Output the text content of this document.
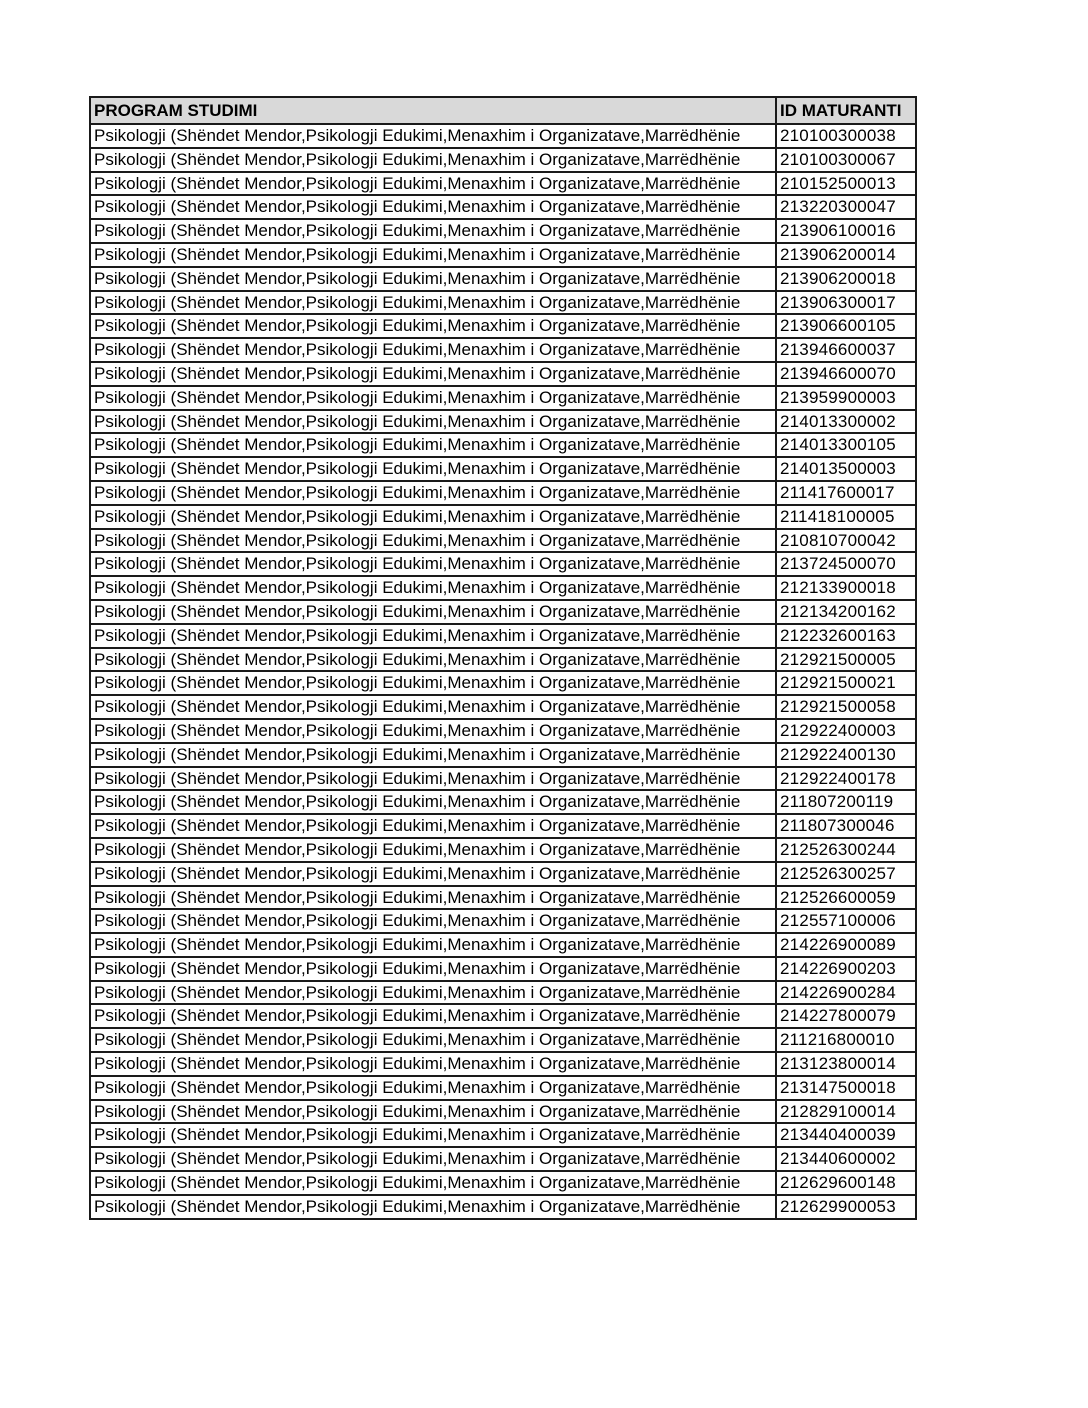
PROGRAM STUDIMI	ID MATURANTI
Psikologji (Shëndet Mendor,Psikologji Edukimi,Menaxhim i Organizatave,Marrëdhënie	210100300038
Psikologji (Shëndet Mendor,Psikologji Edukimi,Menaxhim i Organizatave,Marrëdhënie	210100300067
Psikologji (Shëndet Mendor,Psikologji Edukimi,Menaxhim i Organizatave,Marrëdhënie	210152500013
Psikologji (Shëndet Mendor,Psikologji Edukimi,Menaxhim i Organizatave,Marrëdhënie	213220300047
Psikologji (Shëndet Mendor,Psikologji Edukimi,Menaxhim i Organizatave,Marrëdhënie	213906100016
Psikologji (Shëndet Mendor,Psikologji Edukimi,Menaxhim i Organizatave,Marrëdhënie	213906200014
Psikologji (Shëndet Mendor,Psikologji Edukimi,Menaxhim i Organizatave,Marrëdhënie	213906200018
Psikologji (Shëndet Mendor,Psikologji Edukimi,Menaxhim i Organizatave,Marrëdhënie	213906300017
Psikologji (Shëndet Mendor,Psikologji Edukimi,Menaxhim i Organizatave,Marrëdhënie	213906600105
Psikologji (Shëndet Mendor,Psikologji Edukimi,Menaxhim i Organizatave,Marrëdhënie	213946600037
Psikologji (Shëndet Mendor,Psikologji Edukimi,Menaxhim i Organizatave,Marrëdhënie	213946600070
Psikologji (Shëndet Mendor,Psikologji Edukimi,Menaxhim i Organizatave,Marrëdhënie	213959900003
Psikologji (Shëndet Mendor,Psikologji Edukimi,Menaxhim i Organizatave,Marrëdhënie	214013300002
Psikologji (Shëndet Mendor,Psikologji Edukimi,Menaxhim i Organizatave,Marrëdhënie	214013300105
Psikologji (Shëndet Mendor,Psikologji Edukimi,Menaxhim i Organizatave,Marrëdhënie	214013500003
Psikologji (Shëndet Mendor,Psikologji Edukimi,Menaxhim i Organizatave,Marrëdhënie	211417600017
Psikologji (Shëndet Mendor,Psikologji Edukimi,Menaxhim i Organizatave,Marrëdhënie	211418100005
Psikologji (Shëndet Mendor,Psikologji Edukimi,Menaxhim i Organizatave,Marrëdhënie	210810700042
Psikologji (Shëndet Mendor,Psikologji Edukimi,Menaxhim i Organizatave,Marrëdhënie	213724500070
Psikologji (Shëndet Mendor,Psikologji Edukimi,Menaxhim i Organizatave,Marrëdhënie	212133900018
Psikologji (Shëndet Mendor,Psikologji Edukimi,Menaxhim i Organizatave,Marrëdhënie	212134200162
Psikologji (Shëndet Mendor,Psikologji Edukimi,Menaxhim i Organizatave,Marrëdhënie	212232600163
Psikologji (Shëndet Mendor,Psikologji Edukimi,Menaxhim i Organizatave,Marrëdhënie	212921500005
Psikologji (Shëndet Mendor,Psikologji Edukimi,Menaxhim i Organizatave,Marrëdhënie	212921500021
Psikologji (Shëndet Mendor,Psikologji Edukimi,Menaxhim i Organizatave,Marrëdhënie	212921500058
Psikologji (Shëndet Mendor,Psikologji Edukimi,Menaxhim i Organizatave,Marrëdhënie	212922400003
Psikologji (Shëndet Mendor,Psikologji Edukimi,Menaxhim i Organizatave,Marrëdhënie	212922400130
Psikologji (Shëndet Mendor,Psikologji Edukimi,Menaxhim i Organizatave,Marrëdhënie	212922400178
Psikologji (Shëndet Mendor,Psikologji Edukimi,Menaxhim i Organizatave,Marrëdhënie	211807200119
Psikologji (Shëndet Mendor,Psikologji Edukimi,Menaxhim i Organizatave,Marrëdhënie	211807300046
Psikologji (Shëndet Mendor,Psikologji Edukimi,Menaxhim i Organizatave,Marrëdhënie	212526300244
Psikologji (Shëndet Mendor,Psikologji Edukimi,Menaxhim i Organizatave,Marrëdhënie	212526300257
Psikologji (Shëndet Mendor,Psikologji Edukimi,Menaxhim i Organizatave,Marrëdhënie	212526600059
Psikologji (Shëndet Mendor,Psikologji Edukimi,Menaxhim i Organizatave,Marrëdhënie	212557100006
Psikologji (Shëndet Mendor,Psikologji Edukimi,Menaxhim i Organizatave,Marrëdhënie	214226900089
Psikologji (Shëndet Mendor,Psikologji Edukimi,Menaxhim i Organizatave,Marrëdhënie	214226900203
Psikologji (Shëndet Mendor,Psikologji Edukimi,Menaxhim i Organizatave,Marrëdhënie	214226900284
Psikologji (Shëndet Mendor,Psikologji Edukimi,Menaxhim i Organizatave,Marrëdhënie	214227800079
Psikologji (Shëndet Mendor,Psikologji Edukimi,Menaxhim i Organizatave,Marrëdhënie	211216800010
Psikologji (Shëndet Mendor,Psikologji Edukimi,Menaxhim i Organizatave,Marrëdhënie	213123800014
Psikologji (Shëndet Mendor,Psikologji Edukimi,Menaxhim i Organizatave,Marrëdhënie	213147500018
Psikologji (Shëndet Mendor,Psikologji Edukimi,Menaxhim i Organizatave,Marrëdhënie	212829100014
Psikologji (Shëndet Mendor,Psikologji Edukimi,Menaxhim i Organizatave,Marrëdhënie	213440400039
Psikologji (Shëndet Mendor,Psikologji Edukimi,Menaxhim i Organizatave,Marrëdhënie	213440600002
Psikologji (Shëndet Mendor,Psikologji Edukimi,Menaxhim i Organizatave,Marrëdhënie	212629600148
Psikologji (Shëndet Mendor,Psikologji Edukimi,Menaxhim i Organizatave,Marrëdhënie	212629900053
